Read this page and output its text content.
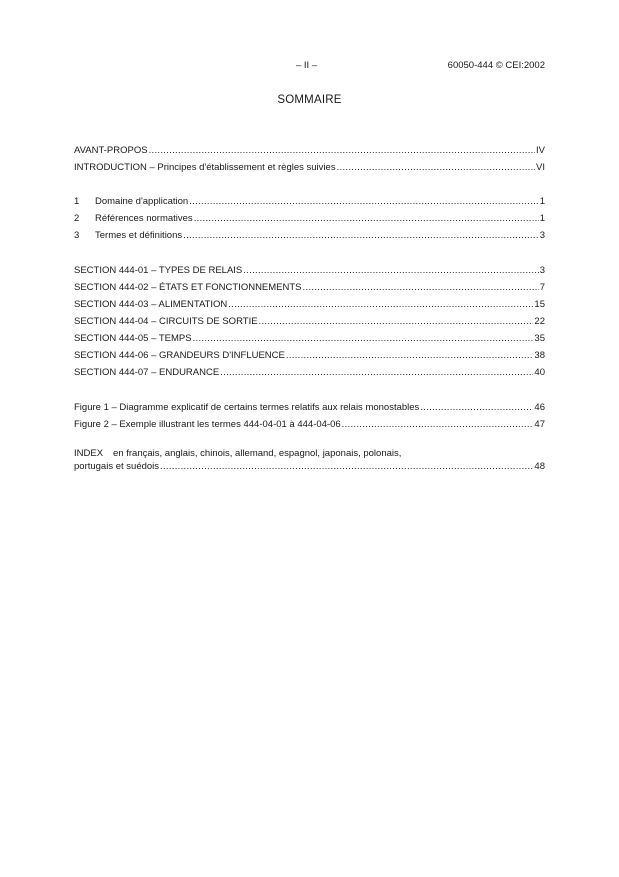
– II –	60050-444 © CEI:2002
SOMMAIRE
AVANT-PROPOS .....	IV
INTRODUCTION – Principes d'établissement et règles suivies .....	VI
1	Domaine d'application .....	1
2	Références normatives .....	1
3	Termes et définitions .....	3
SECTION 444-01 – TYPES DE RELAIS .....	3
SECTION 444-02 – ÉTATS ET FONCTIONNEMENTS .....	7
SECTION 444-03 – ALIMENTATION .....	15
SECTION 444-04 – CIRCUITS DE SORTIE .....	22
SECTION 444-05 – TEMPS .....	35
SECTION 444-06 – GRANDEURS D'INFLUENCE .....	38
SECTION 444-07 – ENDURANCE .....	40
Figure 1 – Diagramme explicatif de certains termes relatifs aux relais monostables .....	46
Figure 2 – Exemple illustrant les termes 444-04-01 à 444-04-06 .....	47
INDEX en français, anglais, chinois, allemand, espagnol, japonais, polonais,
portugais et suédois .....	48
